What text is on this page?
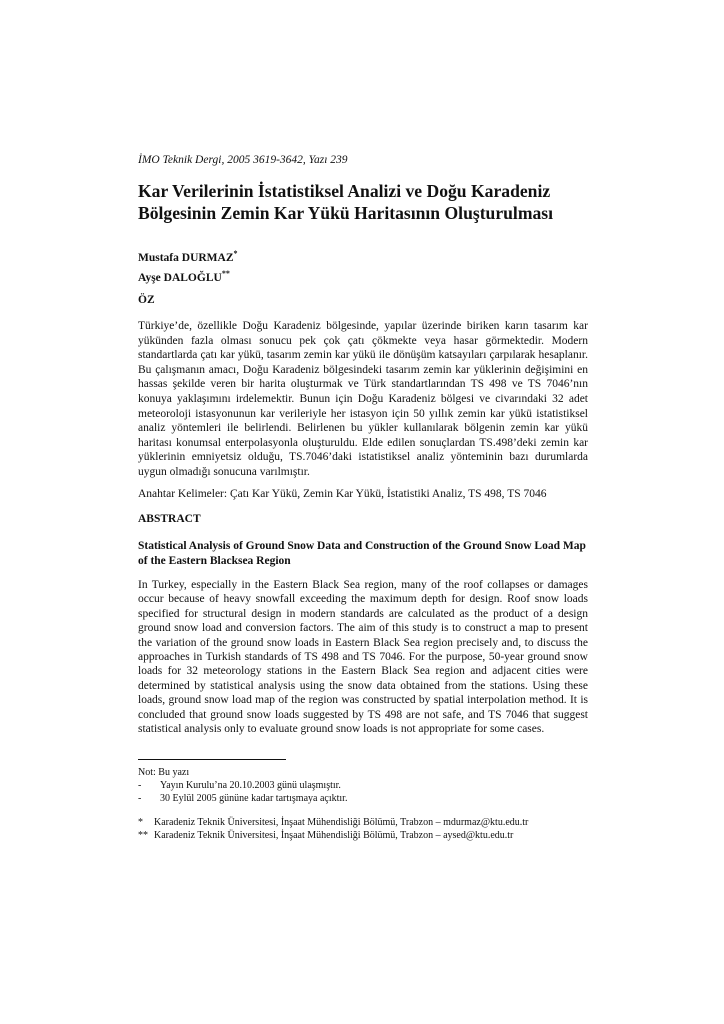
İMO Teknik Dergi, 2005 3619-3642, Yazı 239
Kar Verilerinin İstatistiksel Analizi ve Doğu Karadeniz Bölgesinin Zemin Kar Yükü Haritasının Oluşturulması
Mustafa DURMAZ*
Ayşe DALOĞLU**
ÖZ

Türkiye’de, özellikle Doğu Karadeniz bölgesinde, yapılar üzerinde biriken karın tasarım kar yükünden fazla olması sonucu pek çok çatı çökmekte veya hasar görmektedir. Modern standartlarda çatı kar yükü, tasarım zemin kar yükü ile dönüşüm katsayıları çarpılarak hesaplanır. Bu çalışmanın amacı, Doğu Karadeniz bölgesindeki tasarım zemin kar yüklerinin değişimini en hassas şekilde veren bir harita oluşturmak ve Türk standartlarından TS 498 ve TS 7046’nın konuya yaklaşımını irdelemektir. Bunun için Doğu Karadeniz bölgesi ve civarındaki 32 adet meteoroloji istasyonunun kar verileriyle her istasyon için 50 yıllık zemin kar yükü istatistiksel analiz yöntemleri ile belirlendi. Belirlenen bu yükler kullanılarak bölgenin zemin kar yükü haritası konumsal enterpolasyonla oluşturuldu. Elde edilen sonuçlardan TS.498’deki zemin kar yüklerinin emniyetsiz olduğu, TS.7046’daki istatistiksel analiz yönteminin bazı durumlarda uygun olmadığı sonucuna varılmıştır.

Anahtar Kelimeler: Çatı Kar Yükü, Zemin Kar Yükü, İstatistiki Analiz, TS 498, TS 7046
ABSTRACT
Statistical Analysis of Ground Snow Data and Construction of the Ground Snow Load Map of the Eastern Blacksea Region

In Turkey, especially in the Eastern Black Sea region, many of the roof collapses or damages occur because of heavy snowfall exceeding the maximum depth for design. Roof snow loads specified for structural design in modern standards are calculated as the product of a design ground snow load and conversion factors. The aim of this study is to construct a map to present the variation of the ground snow loads in Eastern Black Sea region precisely and, to discuss the approaches in Turkish standards of TS 498 and TS 7046. For the purpose, 50-year ground snow loads for 32 meteorology stations in the Eastern Black Sea region and adjacent cities were determined by statistical analysis using the snow data obtained from the stations. Using these loads, ground snow load map of the region was constructed by spatial interpolation method. It is concluded that ground snow loads suggested by TS 498 are not safe, and TS 7046 that suggest statistical analysis only to evaluate ground snow loads is not appropriate for some cases.

Not: Bu yazı
-	Yayın Kurulu’na 20.10.2003 günü ulaşmıştır.
-	30 Eylül 2005 gününe kadar tartışmaya açıktır.
*	Karadeniz Teknik Üniversitesi, İnşaat Mühendisliği Bölümü, Trabzon – mdurmaz@ktu.edu.tr
** Karadeniz Teknik Üniversitesi, İnşaat Mühendisliği Bölümü, Trabzon – aysed@ktu.edu.tr
